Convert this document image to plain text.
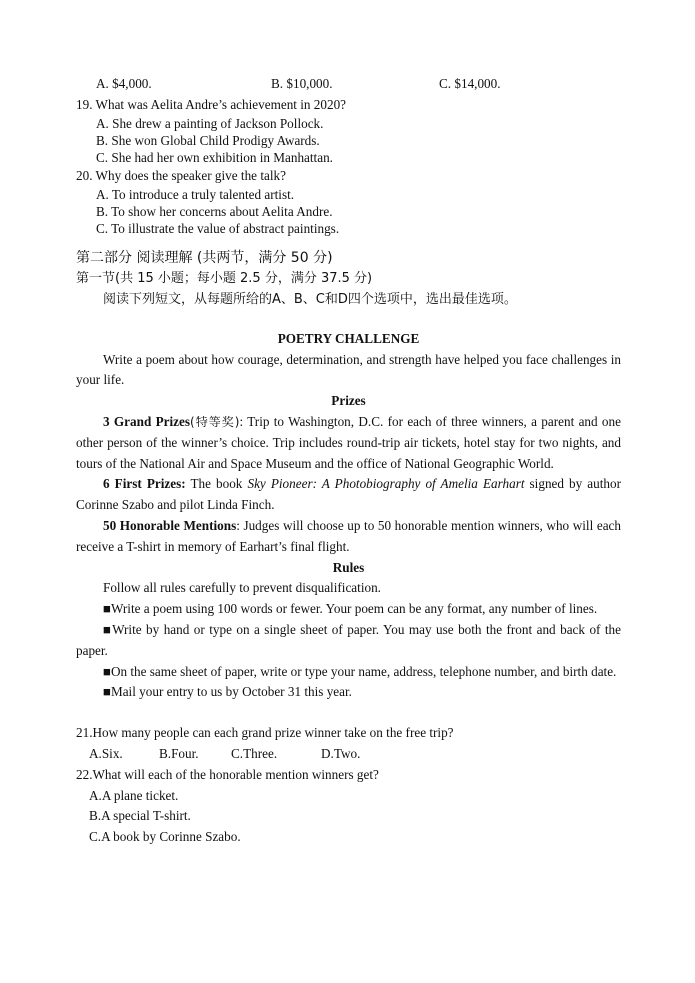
A. $4,000.	B. $10,000.	C. $14,000.
19. What was Aelita Andre’s achievement in 2020?
A. She drew a painting of Jackson Pollock.
B. She won Global Child Prodigy Awards.
C. She had her own exhibition in Manhattan.
20. Why does the speaker give the talk?
A. To introduce a truly talented artist.
B. To show her concerns about Aelita Andre.
C. To illustrate the value of abstract paintings.
第二部分 阅读理解 (共两节，满分 50 分)
第一节(共 15 小题；每小题 2.5 分，满分 37.5 分)
阅读下列短文，从每题所给的A、B、C和D四个选项中，选出最佳选项。
POETRY CHALLENGE

Write a poem about how courage, determination, and strength have helped you face challenges in your life.

Prizes

3 Grand Prizes(特等奖): Trip to Washington, D.C. for each of three winners, a parent and one other person of the winner’s choice. Trip includes round-trip air tickets, hotel stay for two nights, and tours of the National Air and Space Museum and the office of National Geographic World.

6 First Prizes: The book Sky Pioneer: A Photobiography of Amelia Earhart signed by author Corinne Szabo and pilot Linda Finch.

50 Honorable Mentions: Judges will choose up to 50 honorable mention winners, who will each receive a T-shirt in memory of Earhart’s final flight.

Rules

Follow all rules carefully to prevent disqualification.

■Write a poem using 100 words or fewer. Your poem can be any format, any number of lines.

■Write by hand or type on a single sheet of paper. You may use both the front and back of the paper.

■On the same sheet of paper, write or type your name, address, telephone number, and birth date.

■Mail your entry to us by October 31 this year.

21.How many people can each grand prize winner take on the free trip?
A.Six.	B.Four.	C.Three.	D.Two.
22.What will each of the honorable mention winners get?
A.A plane ticket.
B.A special T-shirt.
C.A book by Corinne Szabo.
